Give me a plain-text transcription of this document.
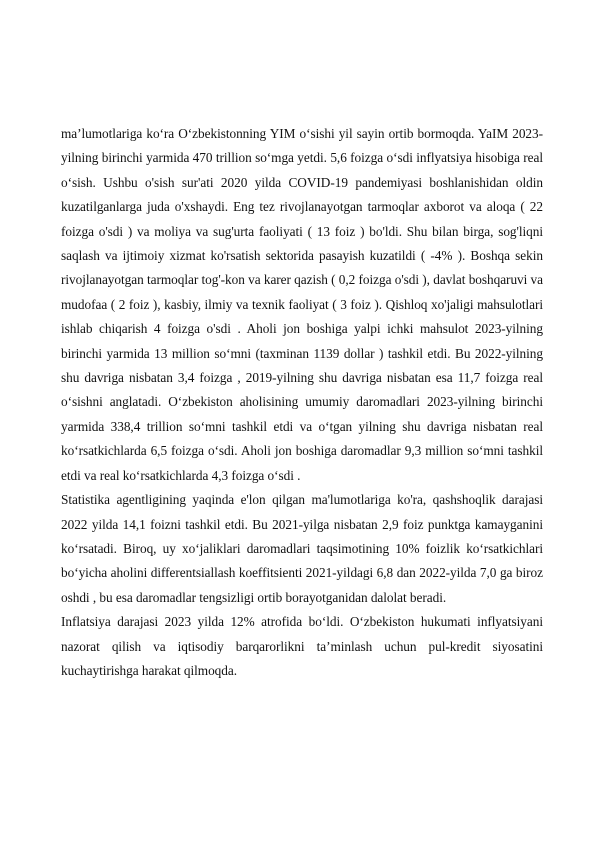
ma’lumotlariga ko‘ra O‘zbekistonning YIM o‘sishi yil sayin ortib bormoqda. YaIM 2023-yilning birinchi yarmida 470 trillion so‘mga yetdi. 5,6 foizga o‘sdi inflyatsiya hisobiga real o‘sish. Ushbu o'sish sur'ati 2020 yilda COVID-19 pandemiyasi boshlanishidan oldin kuzatilganlarga juda o'xshaydi. Eng tez rivojlanayotgan tarmoqlar axborot va aloqa ( 22 foizga o'sdi ) va moliya va sug'urta faoliyati ( 13 foiz ) bo'ldi. Shu bilan birga, sog'liqni saqlash va ijtimoiy xizmat ko'rsatish sektorida pasayish kuzatildi ( -4% ). Boshqa sekin rivojlanayotgan tarmoqlar tog'-kon va karer qazish ( 0,2 foizga o'sdi ), davlat boshqaruvi va mudofaa ( 2 foiz ), kasbiy, ilmiy va texnik faoliyat ( 3 foiz ). Qishloq xo'jaligi mahsulotlari ishlab chiqarish 4 foizga o'sdi . Aholi jon boshiga yalpi ichki mahsulot 2023-yilning birinchi yarmida 13 million so‘mni (taxminan 1139 dollar ) tashkil etdi. Bu 2022-yilning shu davriga nisbatan 3,4 foizga , 2019-yilning shu davriga nisbatan esa 11,7 foizga real o‘sishni anglatadi. O‘zbekiston aholisining umumiy daromadlari 2023-yilning birinchi yarmida 338,4 trillion so‘mni tashkil etdi va o‘tgan yilning shu davriga nisbatan real ko‘rsatkichlarda 6,5 foizga o‘sdi. Aholi jon boshiga daromadlar 9,3 million so‘mni tashkil etdi va real ko‘rsatkichlarda 4,3 foizga o‘sdi .

Statistika agentligining yaqinda e'lon qilgan ma'lumotlariga ko'ra, qashshoqlik darajasi 2022 yilda 14,1 foizni tashkil etdi. Bu 2021-yilga nisbatan 2,9 foiz punktga kamayganini ko‘rsatadi. Biroq, uy xo‘jaliklari daromadlari taqsimotining 10% foizlik ko‘rsatkichlari bo‘yicha aholini differentsiallash koeffitsienti 2021-yildagi 6,8 dan 2022-yilda 7,0 ga biroz oshdi , bu esa daromadlar tengsizligi ortib borayotganidan dalolat beradi.

Inflatsiya darajasi 2023 yilda 12% atrofida bo‘ldi. O‘zbekiston hukumati inflyatsiyani nazorat qilish va iqtisodiy barqarorlikni ta’minlash uchun pul-kredit siyosatini kuchaytirishga harakat qilmoqda.
